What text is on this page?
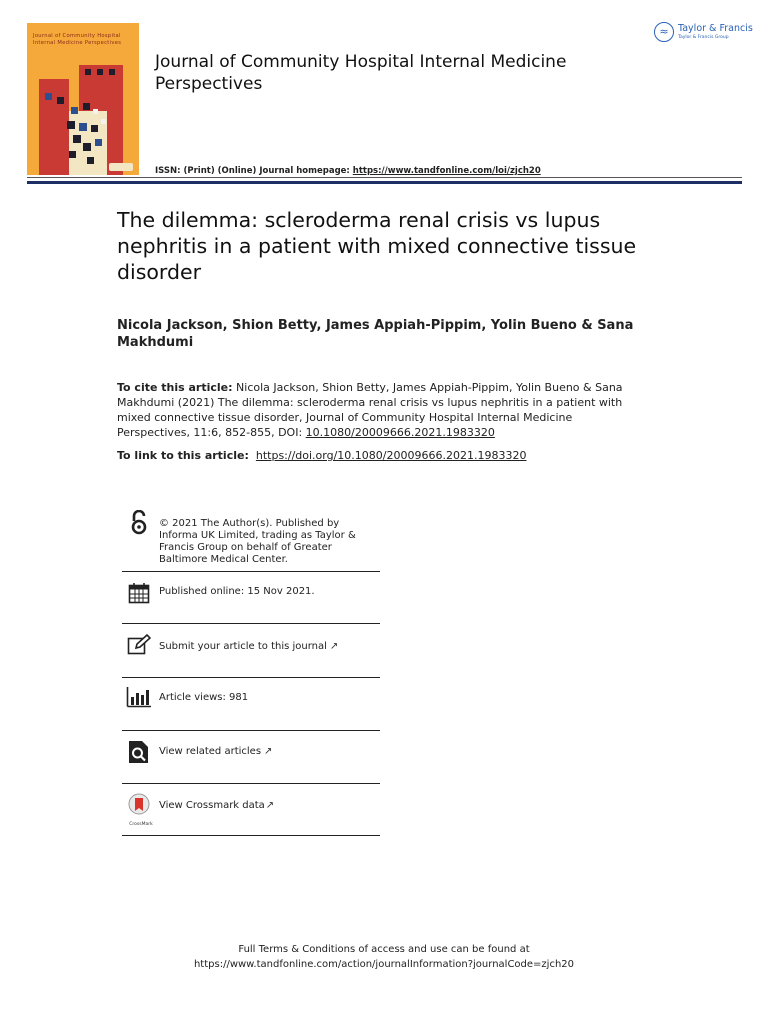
Journal of Community Hospital
Internal Medicine Perspectives
Journal of Community Hospital Internal Medicine Perspectives
≈ Taylor & Francis
Taylor & Francis Group
ISSN: (Print) (Online) Journal homepage: https://www.tandfonline.com/loi/zjch20
The dilemma: scleroderma renal crisis vs lupus nephritis in a patient with mixed connective tissue disorder
Nicola Jackson, Shion Betty, James Appiah-Pippim, Yolin Bueno & Sana Makhdumi
To cite this article: Nicola Jackson, Shion Betty, James Appiah-Pippim, Yolin Bueno & Sana Makhdumi (2021) The dilemma: scleroderma renal crisis vs lupus nephritis in a patient with mixed connective tissue disorder, Journal of Community Hospital Internal Medicine Perspectives, 11:6, 852-855, DOI: 10.1080/20009666.2021.1983320
To link to this article: https://doi.org/10.1080/20009666.2021.1983320
© 2021 The Author(s). Published by Informa UK Limited, trading as Taylor & Francis Group on behalf of Greater Baltimore Medical Center.
Published online: 15 Nov 2021.
Submit your article to this journal ↗
Article views: 981
View related articles ↗
CrossMark
View Crossmark data↗
Full Terms & Conditions of access and use can be found at
https://www.tandfonline.com/action/journalInformation?journalCode=zjch20
